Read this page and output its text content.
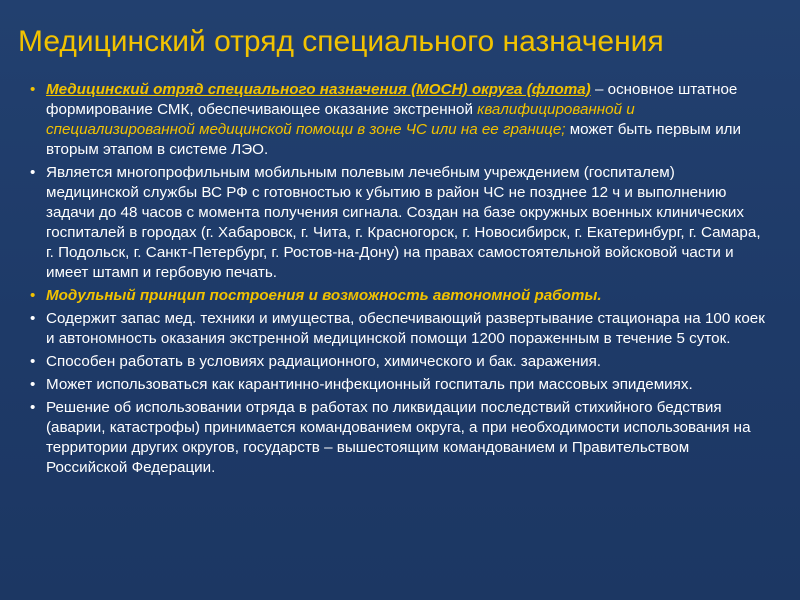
Медицинский отряд специального назначения
• Медицинский отряд специального назначения (МОСН) округа (флота) – основное штатное формирование СМК, обеспечивающее оказание экстренной квалифицированной и специализированной медицинской помощи в зоне ЧС или на ее границе; может быть первым или вторым этапом в системе ЛЭО.
• Является многопрофильным мобильным полевым лечебным учреждением (госпиталем) медицинской службы ВС РФ с готовностью к убытию в район ЧС не позднее 12 ч и выполнению задачи до 48 часов с момента получения сигнала. Создан на базе окружных военных клинических госпиталей в городах (г. Хабаровск, г. Чита, г. Красногорск, г. Новосибирск, г. Екатеринбург, г. Самара, г. Подольск, г. Санкт-Петербург, г. Ростов-на-Дону) на правах самостоятельной войсковой части и имеет штамп и гербовую печать.
• Модульный принцип построения и возможность автономной работы.
• Содержит запас мед. техники и имущества, обеспечивающий развертывание стационара на 100 коек и автономность оказания экстренной медицинской помощи 1200 пораженным в течение 5 суток.
• Способен работать в условиях радиационного, химического и бак. заражения.
• Может использоваться как карантинно-инфекционный госпиталь при массовых эпидемиях.
• Решение об использовании отряда в работах по ликвидации последствий стихийного бедствия (аварии, катастрофы) принимается командованием округа, а при необходимости использования на территории других округов, государств – вышестоящим командованием и Правительством Российской Федерации.
